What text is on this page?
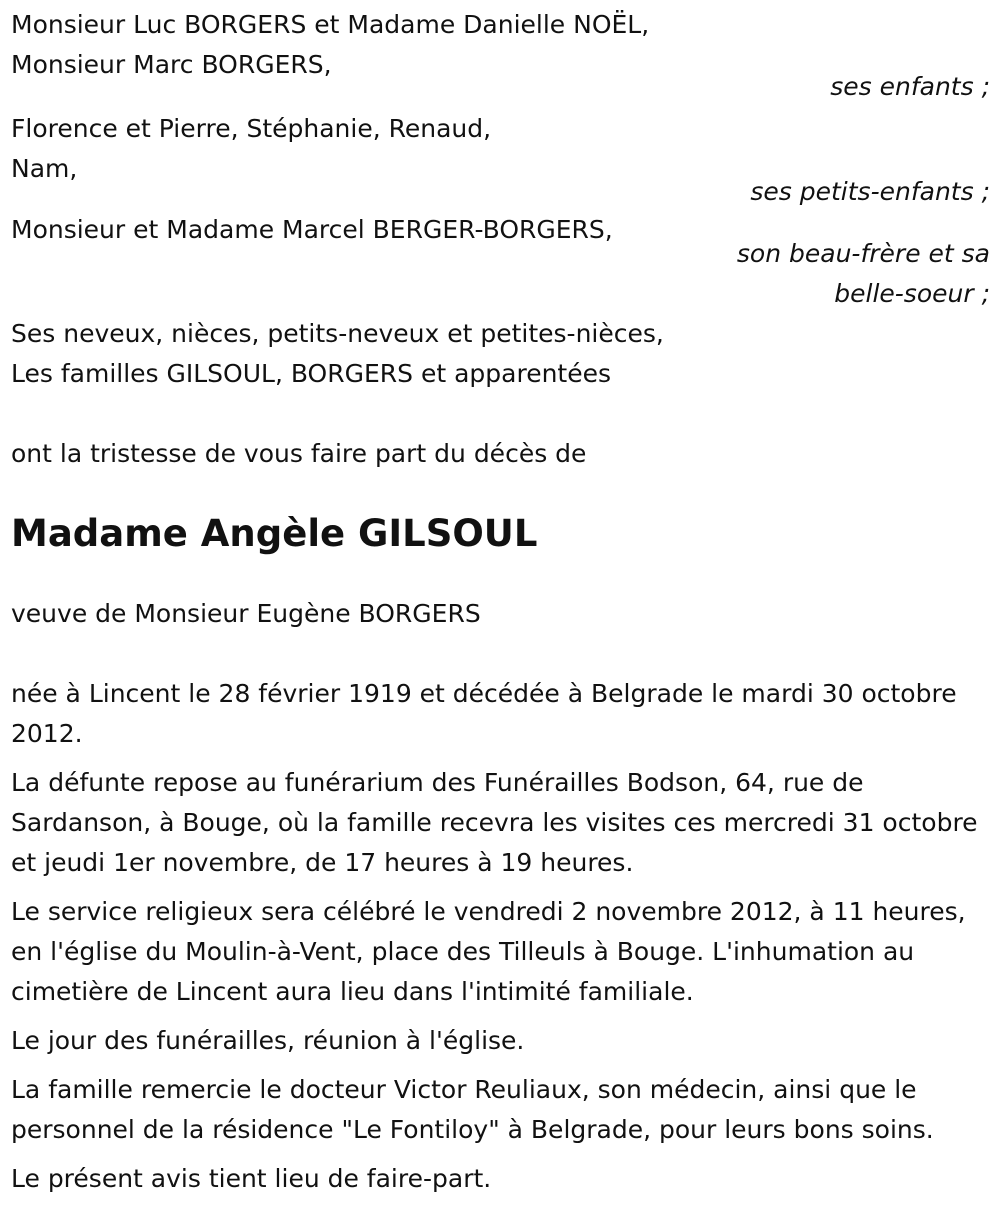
Monsieur Luc BORGERS et Madame Danielle NOËL,
Monsieur Marc BORGERS,
ses enfants ;
Florence et Pierre, Stéphanie, Renaud,
Nam,
ses petits-enfants ;
Monsieur et Madame Marcel BERGER-BORGERS,
son beau-frère et sa
belle-soeur ;
Ses neveux, nièces, petits-neveux et petites-nièces,
Les familles GILSOUL, BORGERS et apparentées
ont la tristesse de vous faire part du décès de
Madame Angèle GILSOUL
veuve de Monsieur Eugène BORGERS

née à Lincent le 28 février 1919 et décédée à Belgrade le mardi 30 octobre 2012.

La défunte repose au funérarium des Funérailles Bodson, 64, rue de Sardanson, à Bouge, où la famille recevra les visites ces mercredi 31 octobre et jeudi 1er novembre, de 17 heures à 19 heures.

Le service religieux sera célébré le vendredi 2 novembre 2012, à 11 heures, en l'église du Moulin-à-Vent, place des Tilleuls à Bouge. L'inhumation au cimetière de Lincent aura lieu dans l'intimité familiale.

Le jour des funérailles, réunion à l'église.

La famille remercie le docteur Victor Reuliaux, son médecin, ainsi que le personnel de la résidence "Le Fontiloy" à Belgrade, pour leurs bons soins.

Le présent avis tient lieu de faire-part.
